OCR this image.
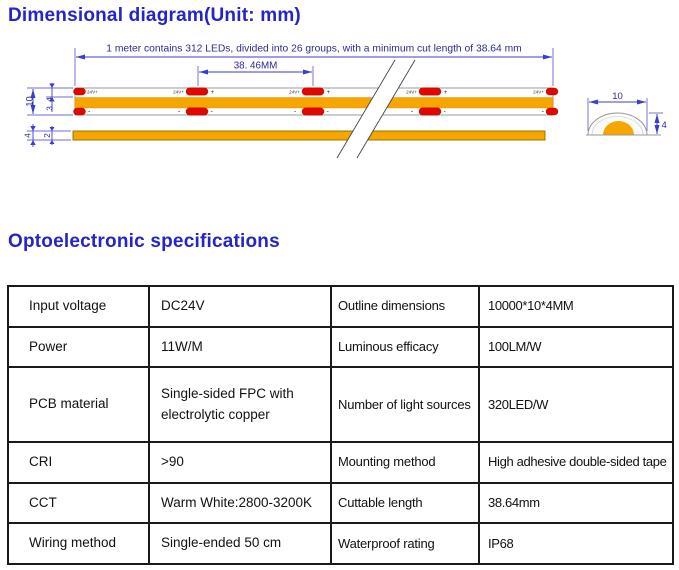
Dimensional diagram(Unit: mm)
1 meter contains 312 LEDs, divided into 26 groups, with a minimum cut length of 38.64 mm
38. 46MM
24V+
-
24V+	+
-	-
24V+	+
-	-
24V+	+
-	-
24V+
-
10 3. 4
4 2
10
4
Optoelectronic specifications
Input voltage	DC24V	Outline dimensions	10000*10*4MM
Power	11W/M	Luminous efficacy	100LM/W
PCB material	Single-sided FPC with electrolytic copper	Number of light sources	320LED/W
CRI	>90	Mounting method	High adhesive double-sided tape
CCT	Warm White:2800-3200K	Cuttable length	38.64mm
Wiring method	Single-ended 50 cm	Waterproof rating	IP68
